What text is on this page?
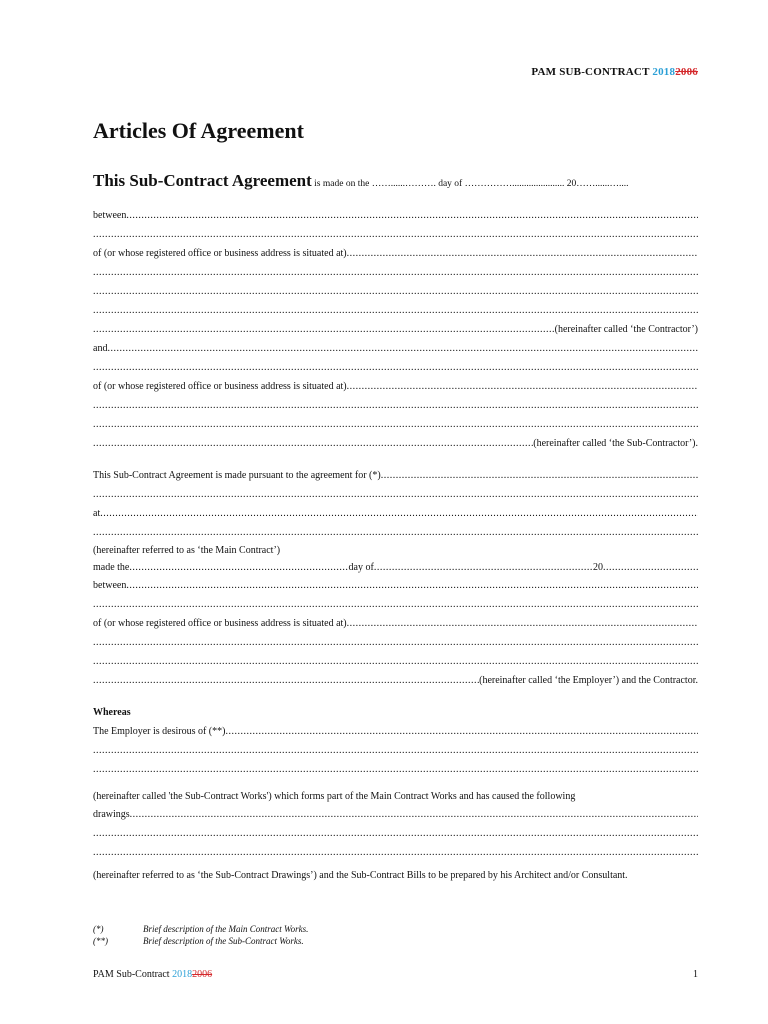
PAM SUB-CONTRACT 20182006
Articles Of Agreement
This Sub-Contract Agreement is made on the ……......………. day of ……………...................... 20……......…....
between
.....
.....
of (or whose registered office or business address is situated at)
.....
.....
.....
.....
.....
(hereinafter called ‘the Contractor’)
and
.....
.....
of (or whose registered office or business address is situated at)
.....
.....
.....
.....
(hereinafter called ‘the Sub-Contractor’).
This Sub-Contract Agreement is made pursuant to the agreement for (*)
.....
.....
at
.....
.....
(hereinafter referred to as ‘the Main Contract’)
made the .....	day of .....	20
.....
between
.....
.....
of (or whose registered office or business address is situated at)
.....
.....
.....
.....
(hereinafter called ‘the Employer’) and the Contractor.
Whereas
The Employer is desirous of (**)
.....
.....
.....
(hereinafter called 'the Sub-Contract Works') which forms part of the Main Contract Works and has caused the following
drawings
.....
.....
.....
(hereinafter referred to as ‘the Sub-Contract Drawings’) and the Sub-Contract Bills to be prepared by his Architect and/or Consultant.
(*)	Brief description of the Main Contract Works.
(**)	Brief description of the Sub-Contract Works.
PAM Sub-Contract 20182006	1
